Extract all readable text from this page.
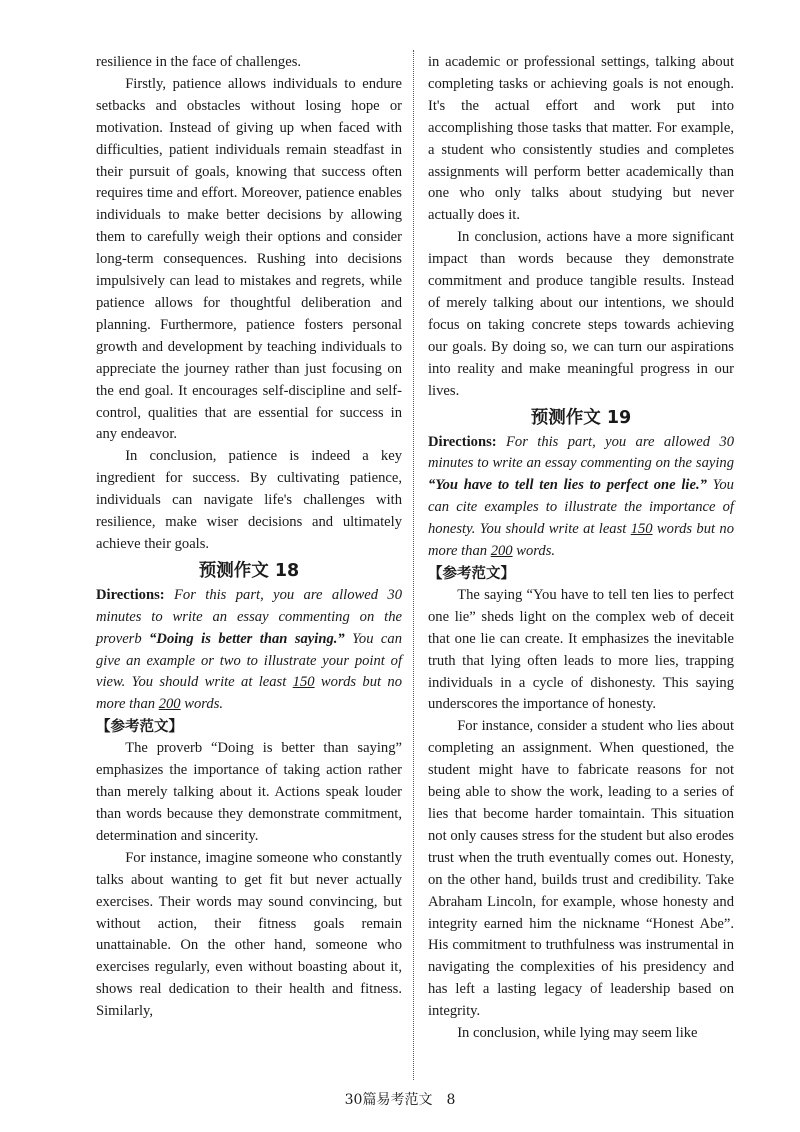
resilience in the face of challenges.

Firstly, patience allows individuals to endure setbacks and obstacles without losing hope or motivation. Instead of giving up when faced with difficulties, patient individuals remain steadfast in their pursuit of goals, knowing that success often requires time and effort. Moreover, patience enables individuals to make better decisions by allowing them to carefully weigh their options and consider long-term consequences. Rushing into decisions impulsively can lead to mistakes and regrets, while patience allows for thoughtful deliberation and planning. Furthermore, patience fosters personal growth and development by teaching individuals to appreciate the journey rather than just focusing on the end goal. It encourages self-discipline and self-control, qualities that are essential for success in any endeavor.

In conclusion, patience is indeed a key ingredient for success. By cultivating patience, individuals can navigate life's challenges with resilience, make wiser decisions and ultimately achieve their goals.

预测作文 18

Directions: For this part, you are allowed 30 minutes to write an essay commenting on the proverb “Doing is better than saying.” You can give an example or two to illustrate your point of view. You should write at least 150 words but no more than 200 words.

【参考范文】

The proverb “Doing is better than saying” emphasizes the importance of taking action rather than merely talking about it. Actions speak louder than words because they demonstrate commitment, determination and sincerity.

For instance, imagine someone who constantly talks about wanting to get fit but never actually exercises. Their words may sound convincing, but without action, their fitness goals remain unattainable. On the other hand, someone who exercises regularly, even without boasting about it, shows real dedication to their health and fitness. Similarly,

in academic or professional settings, talking about completing tasks or achieving goals is not enough. It's the actual effort and work put into accomplishing those tasks that matter. For example, a student who consistently studies and completes assignments will perform better academically than one who only talks about studying but never actually does it.

In conclusion, actions have a more significant impact than words because they demonstrate commitment and produce tangible results. Instead of merely talking about our intentions, we should focus on taking concrete steps towards achieving our goals. By doing so, we can turn our aspirations into reality and make meaningful progress in our lives.

预测作文 19

Directions: For this part, you are allowed 30 minutes to write an essay commenting on the saying “You have to tell ten lies to perfect one lie.” You can cite examples to illustrate the importance of honesty. You should write at least 150 words but no more than 200 words.

【参考范文】

The saying “You have to tell ten lies to perfect one lie” sheds light on the complex web of deceit that one lie can create. It emphasizes the inevitable truth that lying often leads to more lies, trapping individuals in a cycle of dishonesty. This saying underscores the importance of honesty.

For instance, consider a student who lies about completing an assignment. When questioned, the student might have to fabricate reasons for not being able to show the work, leading to a series of lies that become harder tomaintain. This situation not only causes stress for the student but also erodes trust when the truth eventually comes out. Honesty, on the other hand, builds trust and credibility. Take Abraham Lincoln, for example, whose honesty and integrity earned him the nickname “Honest Abe”. His commitment to truthfulness was instrumental in navigating the complexities of his presidency and has left a lasting legacy of leadership based on integrity.

In conclusion, while lying may seem like

30篇易考范文　8
